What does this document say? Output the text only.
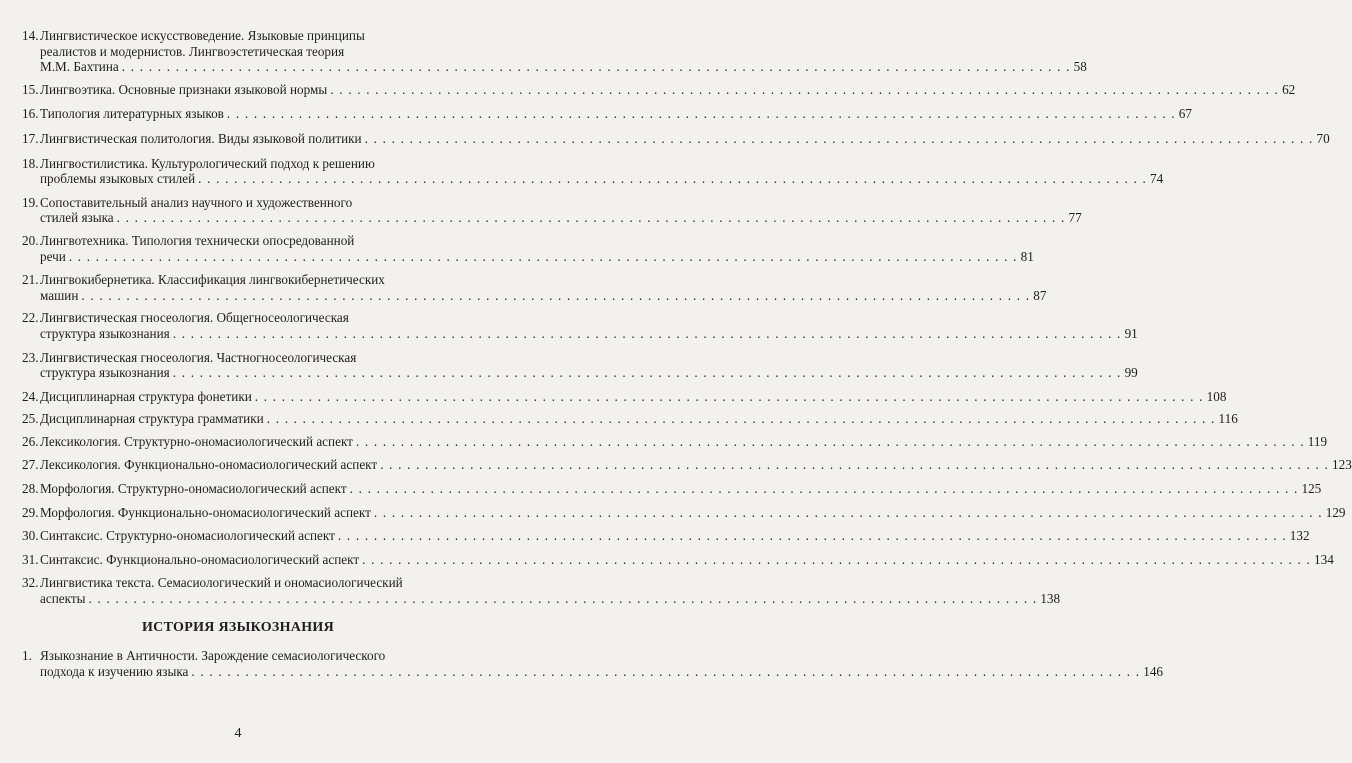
14. Лингвистическое искусствоведение. Языковые принципы
реалистов и модернистов. Лингвоэстетическая теория
М.М. Бахтина . . .	58
15. Лингвоэтика. Основные признаки языковой нормы . . .	62
16. Типология литературных языков . . .	67
17. Лингвистическая политология. Виды языковой политики . . .	70
18. Лингвостилистика. Культурологический подход к решению
проблемы языковых стилей . . .	74
19. Сопоставительный анализ научного и художественного
стилей языка . . .	77
20. Лингвотехника. Типология технически опосредованной
речи . . .	81
21. Лингвокибернетика. Классификация лингвокибернетических
машин . . .	87
22. Лингвистическая гносеология. Общегносеологическая
структура языкознания . . .	91
23. Лингвистическая гносеология. Частногносеологическая
структура языкознания . . .	99
24. Дисциплинарная структура фонетики . . .	108
25. Дисциплинарная структура грамматики . . .	116
26. Лексикология. Структурно-ономасиологический аспект . . .	119
27. Лексикология. Функционально-ономасиологический аспект . . .	123
28. Морфология. Структурно-ономасиологический аспект . . .	125
29. Морфология. Функционально-ономасиологический аспект . . .	129
30. Синтаксис. Структурно-ономасиологический аспект . . .	132
31. Синтаксис. Функционально-ономасиологический аспект . . .	134
32. Лингвистика текста. Семасиологический и ономасиологический
аспекты . . .	138
ИСТОРИЯ ЯЗЫКОЗНАНИЯ
1. Языкознание в Античности. Зарождение семасиологического
подхода к изучению языка . . .	146
4
